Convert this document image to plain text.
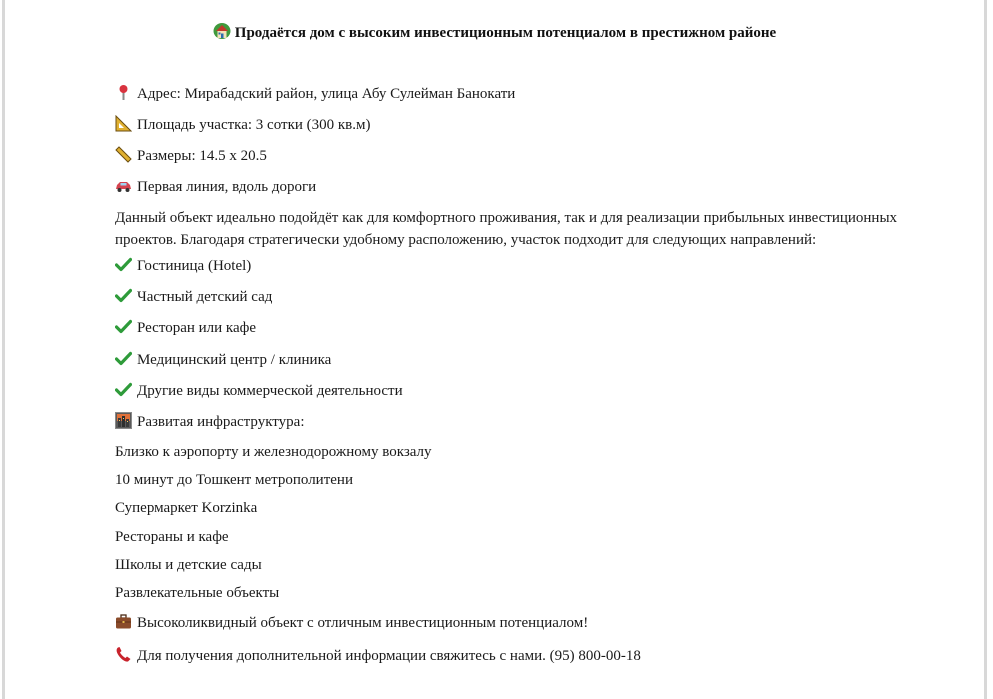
Продаётся дом с высоким инвестиционным потенциалом в престижном районе
Адрес: Мирабадский район, улица Абу Сулейман Банокати
Площадь участка: 3 сотки (300 кв.м)
Размеры: 14.5 x 20.5
Первая линия, вдоль дороги
Данный объект идеально подойдёт как для комфортного проживания, так и для реализации прибыльных инвестиционных проектов. Благодаря стратегически удобному расположению, участок подходит для следующих направлений:
Гостиница (Hotel)
Частный детский сад
Ресторан или кафе
Медицинский центр / клиника
Другие виды коммерческой деятельности
Развитая инфраструктура:
Близко к аэропорту и железнодорожному вокзалу
10 минут до Тошкент метрополитени
Супермаркет Korzinka
Рестораны и кафе
Школы и детские сады
Развлекательные объекты
Высоколиквидный объект с отличным инвестиционным потенциалом!
Для получения дополнительной информации свяжитесь с нами. (95) 800-00-18
